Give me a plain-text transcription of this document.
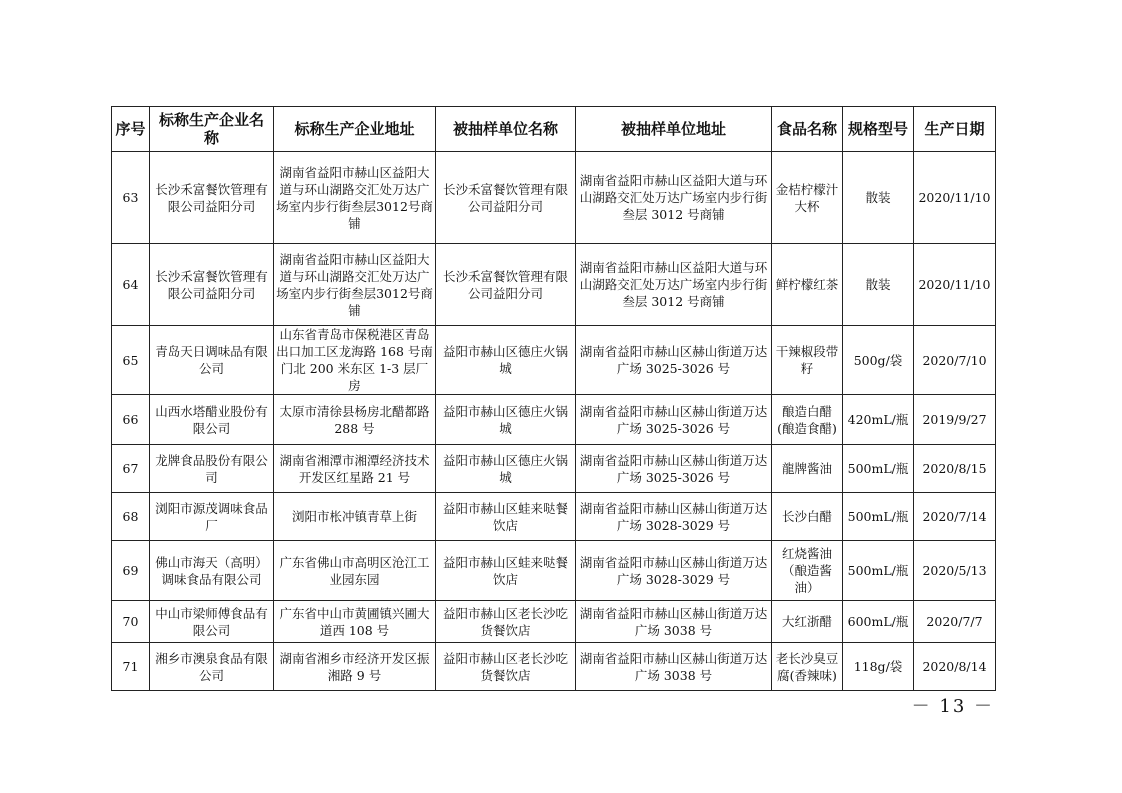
序号	标称生产企业名称	标称生产企业地址	被抽样单位名称	被抽样单位地址	食品名称	规格型号	生产日期
63	长沙禾富餐饮管理有限公司益阳分司	湖南省益阳市赫山区益阳大道与环山湖路交汇处万达广场室内步行街叁层3012号商铺	长沙禾富餐饮管理有限公司益阳分司	湖南省益阳市赫山区益阳大道与环山湖路交汇处万达广场室内步行街叁层 3012 号商铺	金桔柠檬汁大杯	散装	2020/11/10
64	长沙禾富餐饮管理有限公司益阳分司	湖南省益阳市赫山区益阳大道与环山湖路交汇处万达广场室内步行街叁层3012号商铺	长沙禾富餐饮管理有限公司益阳分司	湖南省益阳市赫山区益阳大道与环山湖路交汇处万达广场室内步行街叁层 3012 号商铺	鲜柠檬红茶	散装	2020/11/10
65	青岛天日调味品有限公司	山东省青岛市保税港区青岛出口加工区龙海路 168 号南门北 200 米东区 1-3 层厂房	益阳市赫山区德庄火锅城	湖南省益阳市赫山区赫山街道万达广场 3025-3026 号	干辣椒段带籽	500g/袋	2020/7/10
66	山西水塔醋业股份有限公司	太原市清徐县杨房北醋都路288 号	益阳市赫山区德庄火锅城	湖南省益阳市赫山区赫山街道万达广场 3025-3026 号	酿造白醋(酿造食醋)	420mL/瓶	2019/9/27
67	龙牌食品股份有限公司	湖南省湘潭市湘潭经济技术开发区红星路 21 号	益阳市赫山区德庄火锅城	湖南省益阳市赫山区赫山街道万达广场 3025-3026 号	龍牌酱油	500mL/瓶	2020/8/15
68	浏阳市源茂调味食品厂	浏阳市枨冲镇青草上街	益阳市赫山区蛙来哒餐饮店	湖南省益阳市赫山区赫山街道万达广场 3028-3029 号	长沙白醋	500mL/瓶	2020/7/14
69	佛山市海天（高明）调味食品有限公司	广东省佛山市高明区沧江工业园东园	益阳市赫山区蛙来哒餐饮店	湖南省益阳市赫山区赫山街道万达广场 3028-3029 号	红烧酱油（酿造酱油）	500mL/瓶	2020/5/13
70	中山市梁师傅食品有限公司	广东省中山市黄圃镇兴圃大道西 108 号	益阳市赫山区老长沙吃货餐饮店	湖南省益阳市赫山区赫山街道万达广场 3038 号	大红浙醋	600mL/瓶	2020/7/7
71	湘乡市澳泉食品有限公司	湖南省湘乡市经济开发区振湘路 9 号	益阳市赫山区老长沙吃货餐饮店	湖南省益阳市赫山区赫山街道万达广场 3038 号	老长沙臭豆腐(香辣味)	118g/袋	2020/8/14
－ 13 －
